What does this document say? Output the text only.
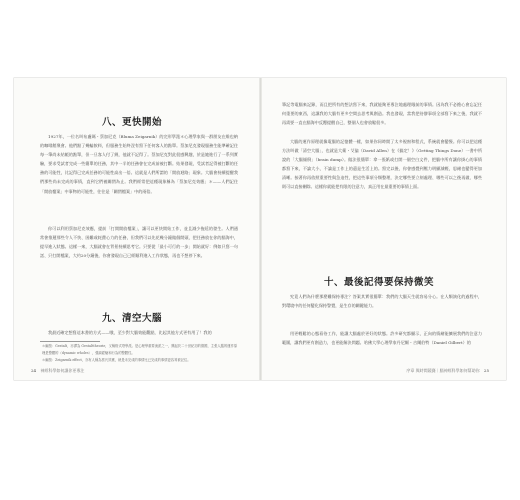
八、更快開始
1927年，一位名叫布盧瑪・蔡加尼克（Bluma Zeigarnik）的完形學派＊心理學家與一群朋友在維也納的咖啡館聚會。他們點了幾輪飲料，但服務生始終沒有寫下任何客人的點單。蔡加尼克發現服務生能準確記住每一筆尚未結帳的點單，但一旦客人付了錢，他就不記得了。蔡加尼克對此很感興趣，於是她進行了一系列實驗，要求受試者完成一些簡單的任務，其中一半的任務會在完成前被打斷。結果發現，受試者記得被打斷的任務的可能性，比記得已完成任務的可能性高出一倍。這就是人們所謂的「開放迴路」現象。大腦會持續提醒我們那些尚未完成的事情，直到它們被關閉為止。我們經常把這種現象稱為「蔡加尼克效應」＊——人們記住「開放檔案」中事物的可能性，往往是「關閉檔案」中的兩倍。
你可以利用蔡加尼克效應，提前「打開開放檔案」，讓可以更快開始工作，並且減少拖延的發生。人們通常會推遲那些令人不快、困難或耗費心力的任務，但我們可以先花幾分鐘做個開頭，把任務放在你的腦海中，提早進入狀態。這樣一來，大腦就會在背景持續思考它。只要從「最小可行的一步」開始就好：例如只寫一句話、只打開檔案，大約20分鐘後，你會發現自己已經順利進入工作狀態，再也不想停下來。
九、清空大腦
我最近確定想寫這本書的方式——哦，至少對大腦效能觀點，比起其他方式更有用了！我的
＊編按：Gestalt，亦譯為 Gestalttheorie，又稱格式塔學派。是心理學重要流派之一，興起於二十世紀初的德國，主張人腦的運作原理是整體的（dynamic wholes），強調經驗和行為的整體性。
＊編按：Zeigarnik effect，亦有人稱為蔡氏效應，就是未完成的事情比已完成的事情更容易被記住。
24 神經科學如何讓你更專注
筆記等電腦來記錄，而且把所有的想法寫下來，我就能夠更專注地處理眼前的事情。因為我不必擔心會忘記任何重要的東西，這讓我的大腦有更多空間去思考與創造。我也發現，當我把待辦事項全部寫下來之後，我就不再需要一直在腦海中反覆提醒自己，整個人也會放鬆很多。
大腦的運作原理就像電腦的記憶體一樣，如果你同時開了太多視窗和程式，系統就會變慢。你可以把這種方法叫做「清空大腦」，也就是大衛・艾倫（David Allen）在《搞定！》（Getting Things Done）一書中所說的「大腦傾倒」（brain dump）。做法很簡單：拿一張紙或打開一個空白文件，把腦中所有讓你掛心的事情都寫下來，不論大小，不論是工作上的還是生活上的。寫完以後，你會感覺到壓力明顯減輕，思緒也變得更加清晰。接著你再依照重要性與急迫性，把這些事項分類整理，決定哪些要立刻處理、哪些可以之後再做、哪些則可以直接刪除。這樣你就能把有限的注意力，真正用在最重要的事情上面。
十、最後記得要保持微笑
究竟人們為什麼那麼難保持專注？答案其實很簡單：我們的大腦天生就容易分心。在人類演化的過程中，對環境中的任何變化保持警覺，是生存的關鍵能力。
用更輕鬆的心態看待工作，能讓大腦處於更好的狀態。許多研究都顯示，正向的情緒能擴展我們的注意力範圍，讓我們更有創造力，也更能解決問題。哈佛大學心理學家丹尼爾・吉爾伯特（Daniel Gilbert）的
序章 與時間競賽｜腦神經科學如何幫助你 25
